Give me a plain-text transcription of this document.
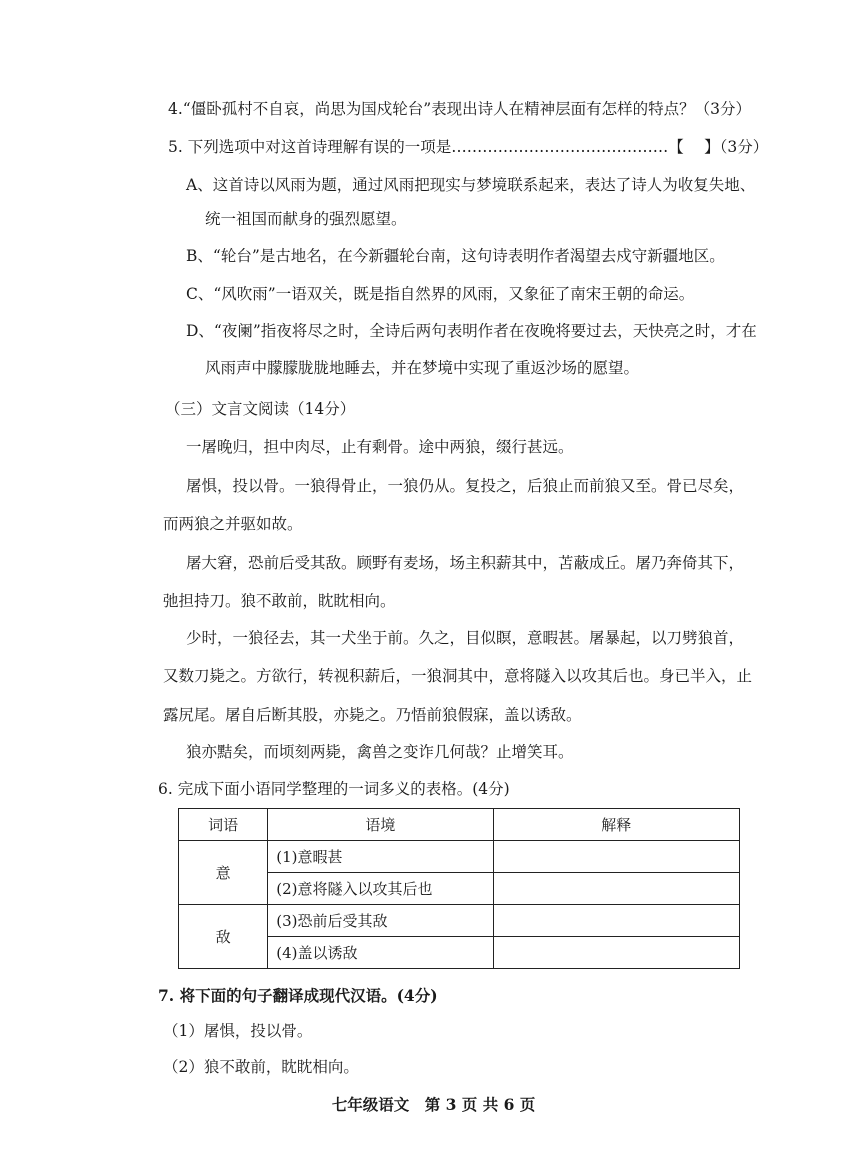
4.“僵卧孤村不自哀，尚思为国戍轮台”表现出诗人在精神层面有怎样的特点？（3分）
5. 下列选项中对这首诗理解有误的一项是……………………………………【　 】（3分）
A、这首诗以风雨为题，通过风雨把现实与梦境联系起来，表达了诗人为收复失地、
统一祖国而献身的强烈愿望。
B、“轮台”是古地名，在今新疆轮台南，这句诗表明作者渴望去戍守新疆地区。
C、“风吹雨”一语双关，既是指自然界的风雨，又象征了南宋王朝的命运。
D、“夜阑”指夜将尽之时，全诗后两句表明作者在夜晚将要过去，天快亮之时，才在
风雨声中朦朦胧胧地睡去，并在梦境中实现了重返沙场的愿望。
（三）文言文阅读（14分）
一屠晚归，担中肉尽，止有剩骨。途中两狼，缀行甚远。
屠惧，投以骨。一狼得骨止，一狼仍从。复投之，后狼止而前狼又至。骨已尽矣，
而两狼之并驱如故。
屠大窘，恐前后受其敌。顾野有麦场，场主积薪其中，苫蔽成丘。屠乃奔倚其下，
弛担持刀。狼不敢前，眈眈相向。
少时，一狼径去，其一犬坐于前。久之，目似瞑，意暇甚。屠暴起，以刀劈狼首，
又数刀毙之。方欲行，转视积薪后，一狼洞其中，意将隧入以攻其后也。身已半入，止
露尻尾。屠自后断其股，亦毙之。乃悟前狼假寐，盖以诱敌。
狼亦黠矣，而顷刻两毙，禽兽之变诈几何哉？止增笑耳。
6. 完成下面小语同学整理的一词多义的表格。(4分)
词语	语境	解释
意	(1)意暇甚	
	(2)意将隧入以攻其后也	
敌	(3)恐前后受其敌	
	(4)盖以诱敌	
7. 将下面的句子翻译成现代汉语。(4分)
（1）屠惧，投以骨。
（2）狼不敢前，眈眈相向。
七年级语文　第 3 页 共 6 页
